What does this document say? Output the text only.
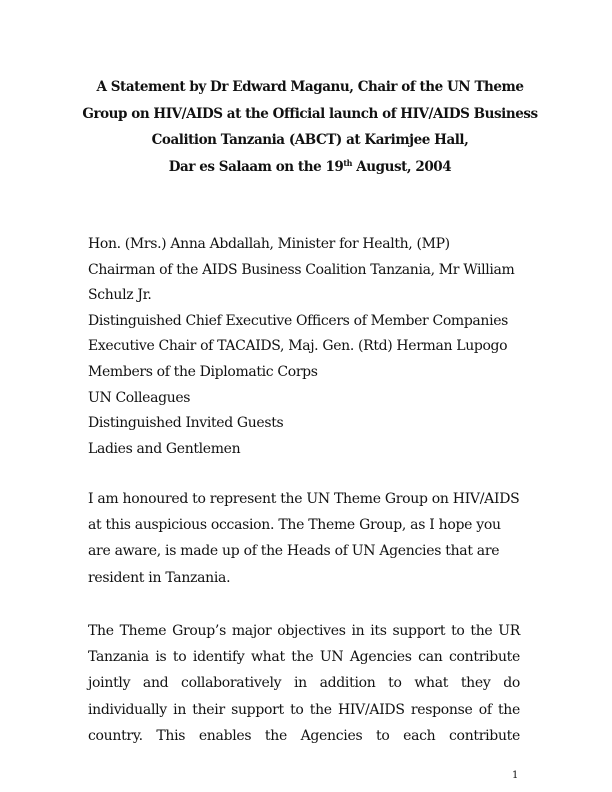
A Statement by Dr Edward Maganu, Chair of the UN Theme
Group on HIV/AIDS at the Official launch of HIV/AIDS Business
Coalition Tanzania (ABCT) at Karimjee Hall,
Dar es Salaam on the 19th August, 2004
Hon. (Mrs.) Anna Abdallah, Minister for Health, (MP)
Chairman of the AIDS Business Coalition Tanzania, Mr William
Schulz Jr.
Distinguished Chief Executive Officers of Member Companies
Executive Chair of TACAIDS, Maj. Gen. (Rtd) Herman Lupogo
Members of the Diplomatic Corps
UN Colleagues
Distinguished Invited Guests
Ladies and Gentlemen
I am honoured to represent the UN Theme Group on HIV/AIDS
at this auspicious occasion. The Theme Group, as I hope you
are aware, is made up of the Heads of UN Agencies that are
resident in Tanzania.
The Theme Group’s major objectives in its support to the UR
Tanzania is to identify what the UN Agencies can contribute
jointly and collaboratively in addition to what they do
individually in their support to the HIV/AIDS response of the
country. This enables the Agencies to each contribute
1
